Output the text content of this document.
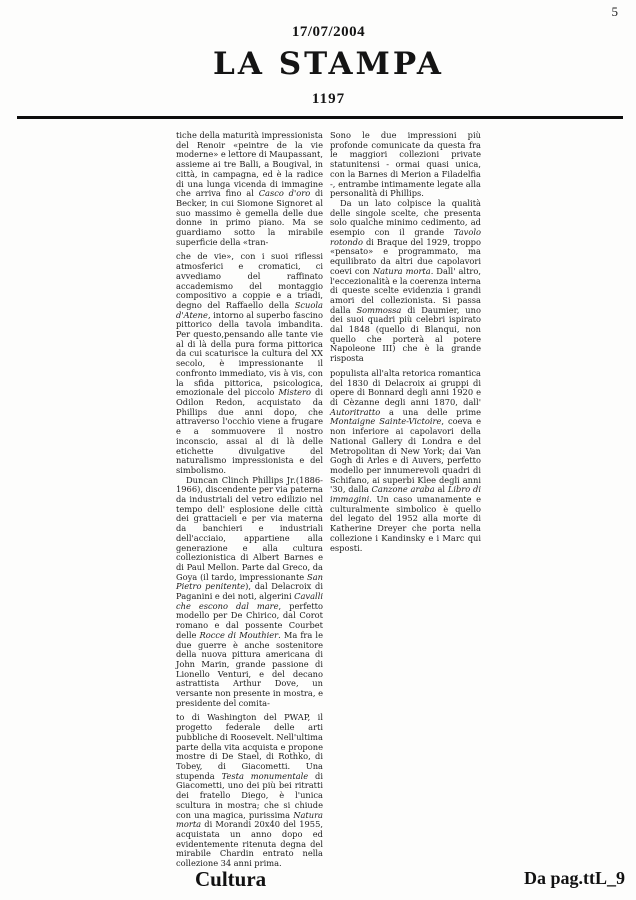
5
17/07/2004
LA STAMPA
1197

tiche della maturità impressionista del Renoir «peintre de la vie moderne» e lettore di Maupassant, assieme ai tre Balli, a Bougival, in città, in campagna, ed è la radice di una lunga vicenda di immagine che arriva fino al Casco d'oro di Becker, in cui Siomone Signoret al suo massimo è gemella delle due donne in primo piano. Ma se guardiamo sotto la mirabile superficie della «tran-

che de vie», con i suoi riflessi atmosferici e cromatici, ci avvediamo del raffinato accademismo del montaggio compositivo a coppie e a triadi, degno del Raffaello della Scuola d'Atene, intorno al superbo fascino pittorico della tavola imbandita. Per questo,pensando alle tante vie al di là della pura forma pittorica da cui scaturisce la cultura del XX secolo, è impressionante il confronto immediato, vis à vis, con la sfida pittorica, psicologica, emozionale del piccolo Mistero di Odilon Redon, acquistato da Phillips due anni dopo, che attraverso l'occhio viene a frugare e a sommuovere il nostro inconscio, assai al di là delle etichette divulgative del naturalismo impressionista e del simbolismo.

Duncan Clinch Phillips Jr.(1886-1966), discendente per via paterna da industriali del vetro edilizio nel tempo dell' esplosione delle città dei grattacieli e per via materna da banchieri e industriali dell'acciaio, appartiene alla generazione e alla cultura collezionistica di Albert Barnes e di Paul Mellon. Parte dal Greco, da Goya (il tardo, impressionante San Pietro penitente), dal Delacroix di Paganini e dei noti, algerini Cavalli che escono dal mare, perfetto modello per De Chirico, dal Corot romano e dal possente Courbet delle Rocce di Mouthier. Ma fra le due guerre è anche sostenitore della nuova pittura americana di John Marin, grande passione di Lionello Venturi, e del decano astrattista Arthur Dove, un versante non presente in mostra, e presidente del comita-

to di Washington del PWAP, il progetto federale delle arti pubbliche di Roosevelt. Nell'ultima parte della vita acquista e propone mostre di De Stael, di Rothko, di Tobey, di Giacometti. Una stupenda Testa monumentale di Giacometti, uno dei più bei ritratti dei fratello Diego, è l'unica scultura in mostra; che si chiude con una magica, purissima Natura morta di Morandi 20x40 del 1955, acquistata un anno dopo ed evidentemente ritenuta degna del mirabile Chardin entrato nella collezione 34 anni prima.

Sono le due impressioni più profonde comunicate da questa fra le maggiori collezioni private statunitensi - ormai quasi unica, con la Barnes di Merion a Filadelfia -, entrambe intimamente legate alla personalità di Phillips.

Da un lato colpisce la qualità delle singole scelte, che presenta solo qualche minimo cedimento, ad esempio con il grande Tavolo rotondo di Braque del 1929, troppo «pensato» e programmato, ma equilibrato da altri due capolavori coevi con Natura morta. Dall' altro, l'eccezionalità e la coerenza interna di queste scelte evidenzia i grandi amori del collezionista. Si passa dalla Sommossa di Daumier, uno dei suoi quadri più celebri ispirato dal 1848 (quello di Blanqui, non quello che porterà al potere Napoleone III) che è la grande risposta

populista all'alta retorica romantica del 1830 di Delacroix ai gruppi di opere di Bonnard degli anni 1920 e di Cèzanne degli anni 1870, dall' Autoritratto a una delle prime Montaigne Sainte-Victoire, coeva e non inferiore ai capolavori della National Gallery di Londra e del Metropolitan di New York; dai Van Gogh di Arles e di Auvers, perfetto modello per innumerevoli quadri di Schifano, ai superbi Klee degli anni '30, dalla Canzone araba al Libro di immagini. Un caso umanamente e culturalmente simbolico è quello del legato del 1952 alla morte di Katherine Dreyer che porta nella collezione i Kandinsky e i Marc qui esposti.

Cultura	Da pag.ttL_9
